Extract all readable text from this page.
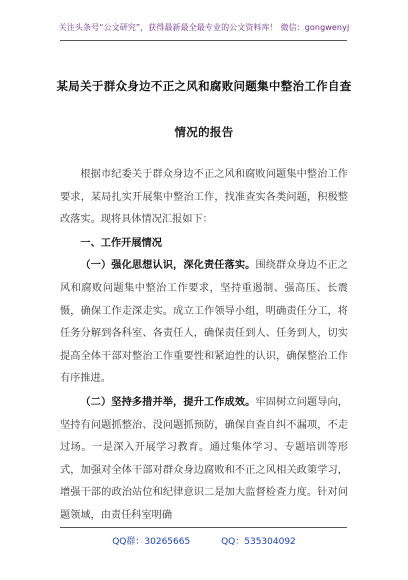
关注头条号“公文研究”，获得最新最全最专业的公文资料库！ 微信：gongwenyj
某局关于群众身边不正之风和腐败问题集中整治工作自查
情况的报告

根据市纪委关于群众身边不正之风和腐败问题集中整治工作要求，某局扎实开展集中整治工作，找准查实各类问题，积极整改落实。现将具体情况汇报如下：

一、工作开展情况

（一）强化思想认识，深化责任落实。围绕群众身边不正之风和腐败问题集中整治工作要求，坚持重遏制、强高压、长震慑，确保工作走深走实。成立工作领导小组，明确责任分工，将任务分解到各科室、各责任人，确保责任到人、任务到人，切实提高全体干部对整治工作重要性和紧迫性的认识，确保整治工作有序推进。

（二）坚持多措并举，提升工作成效。牢固树立问题导向，坚持有问题抓整治、没问题抓预防，确保自查自纠不漏项，不走过场。一是深入开展学习教育。通过集体学习、专题培训等形式，加强对全体干部对群众身边腐败和不正之风相关政策学习，增强干部的政治站位和纪律意识二是加大监督检查力度。针对问题领域，由责任科室明确

QQ群：30265665	QQ：535304092
